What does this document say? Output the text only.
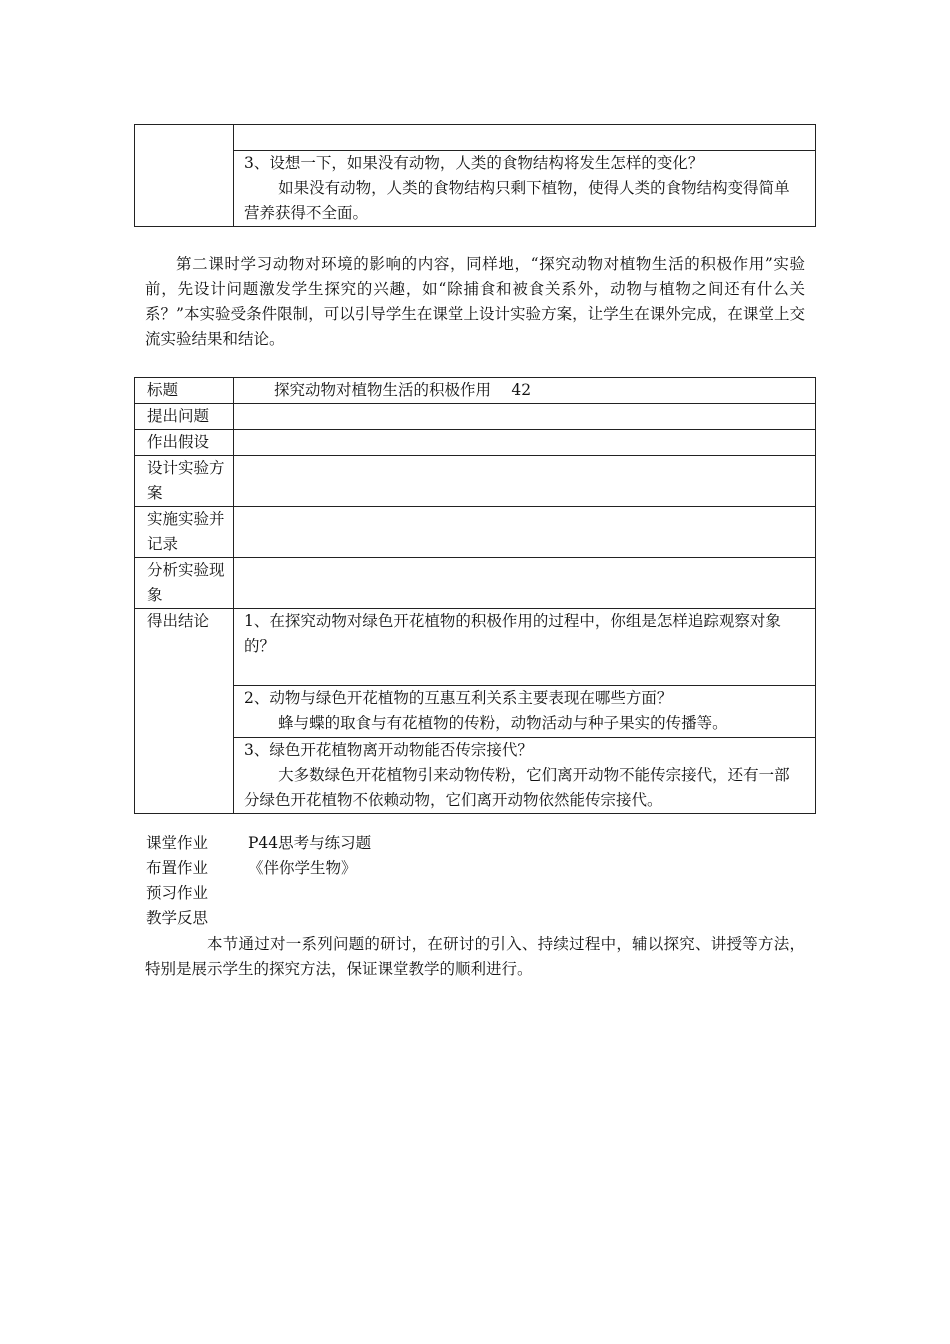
3、设想一下，如果没有动物，人类的食物结构将发生怎样的变化？
如果没有动物，人类的食物结构只剩下植物，使得人类的食物结构变得简单营养获得不全面。
第二课时学习动物对环境的影响的内容，同样地，“探究动物对植物生活的积极作用”实验前，先设计问题激发学生探究的兴趣，如“除捕食和被食关系外，动物与植物之间还有什么关系？”本实验受条件限制，可以引导学生在课堂上设计实验方案，让学生在课外完成，在课堂上交流实验结果和结论。
标题	探究动物对植物生活的积极作用　 42
提出问题	
作出假设	
设计实验方案	
实施实验并记录	
分析实验现象	
得出结论	1、在探究动物对绿色开花植物的积极作用的过程中，你组是怎样追踪观察对象的？

	2、动物与绿色开花植物的互惠互利关系主要表现在哪些方面？
蜂与蝶的取食与有花植物的传粉，动物活动与种子果实的传播等。

	3、绿色开花植物离开动物能否传宗接代？
大多数绿色开花植物引来动物传粉，它们离开动物不能传宗接代，还有一部分绿色开花植物不依赖动物，它们离开动物依然能传宗接代。
课堂作业	P44思考与练习题
布置作业	《伴你学生物》
预习作业
教学反思
本节通过对一系列问题的研讨，在研讨的引入、持续过程中，辅以探究、讲授等方法，特别是展示学生的探究方法，保证课堂教学的顺利进行。
